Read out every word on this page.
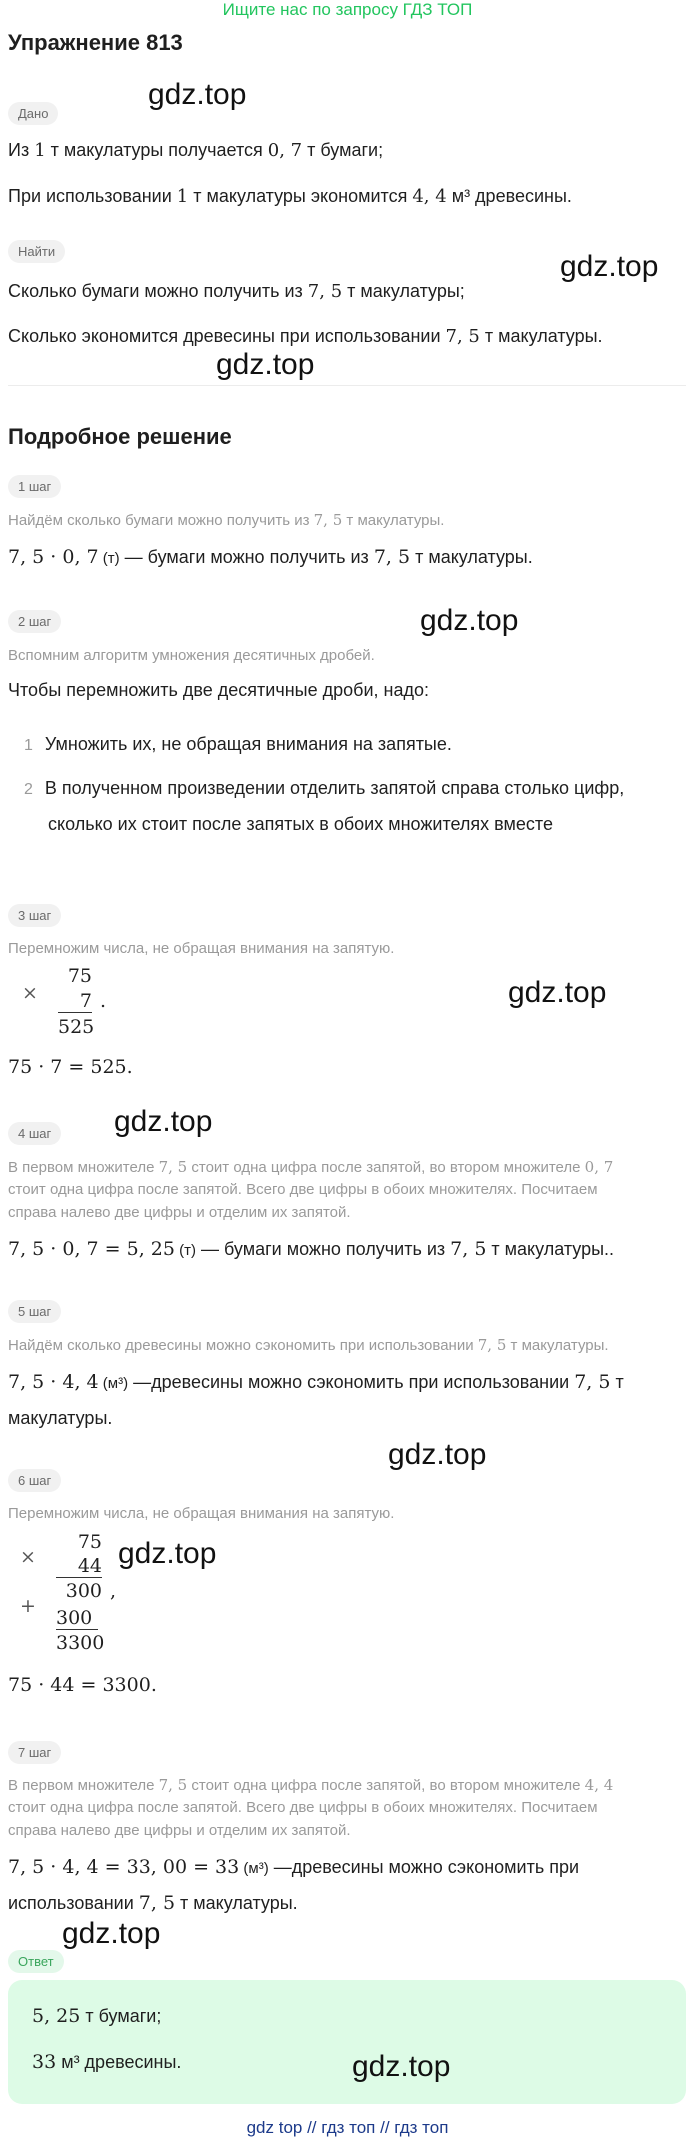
Ищите нас по запросу ГДЗ ТОП
Упражнение 813
Дано
Из 1 т макулатуры получается 0, 7 т бумаги;
При использовании 1 т макулатуры экономится 4, 4 м³ древесины.
Найти
Сколько бумаги можно получить из 7, 5 т макулатуры;
Сколько экономится древесины при использовании 7, 5 т макулатуры.
Подробное решение
1 шаг
Найдём сколько бумаги можно получить из 7, 5 т макулатуры.
7, 5 · 0, 7 (т) — бумаги можно получить из 7, 5 т макулатуры.
2 шаг
Вспомним алгоритм умножения десятичных дробей.
Чтобы перемножить две десятичные дроби, надо:
1 Умножить их, не обращая внимания на запятые.
2 В полученном произведении отделить запятой справа столько цифр,
сколько их стоит после запятых в обоих множителях вместе
3 шаг
Перемножим числа, не обращая внимания на запятую.
×
75
7
525
.
75 · 7 = 525.
4 шаг
В первом множителе 7, 5 стоит одна цифра после запятой, во втором множителе 0, 7
стоит одна цифра после запятой. Всего две цифры в обоих множителях. Посчитаем
справа налево две цифры и отделим их запятой.
7, 5 · 0, 7 = 5, 25 (т) — бумаги можно получить из 7, 5 т макулатуры..
5 шаг
Найдём сколько древесины можно сэкономить при использовании 7, 5 т макулатуры.
7, 5 · 4, 4 (м³) —древесины можно сэкономить при использовании 7, 5 т
макулатуры.
6 шаг
Перемножим числа, не обращая внимания на запятую.
×
+
75
44
300
300
3300
,
75 · 44 = 3300.
7 шаг
В первом множителе 7, 5 стоит одна цифра после запятой, во втором множителе 4, 4
стоит одна цифра после запятой. Всего две цифры в обоих множителях. Посчитаем
справа налево две цифры и отделим их запятой.
7, 5 · 4, 4 = 33, 00 = 33 (м³) —древесины можно сэкономить при
использовании 7, 5 т макулатуры.
Ответ
5, 25 т бумаги;
33 м³ древесины.
gdz.top
gdz.top
gdz.top
gdz.top
gdz.top
gdz.top
gdz.top
gdz.top
gdz.top
gdz.top
gdz top // гдз топ // гдз топ
